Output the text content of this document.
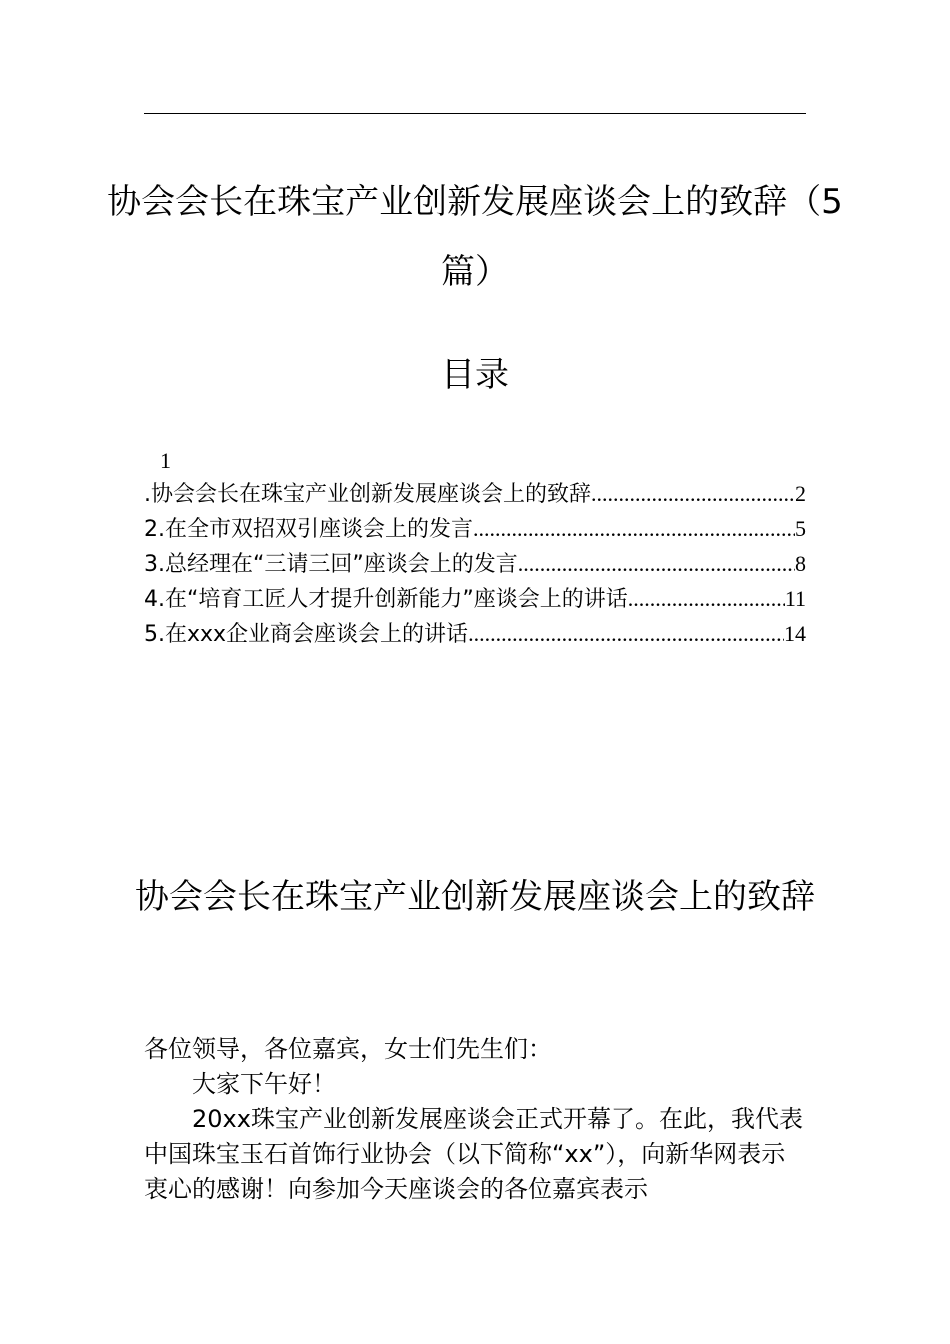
协会会长在珠宝产业创新发展座谈会上的致辞（5篇）
目录
1
.协会会长在珠宝产业创新发展座谈会上的致辞 .....	2
2.在全市双招双引座谈会上的发言 .....	5
3.总经理在“三请三回”座谈会上的发言 .....	8
4.在“培育工匠人才提升创新能力”座谈会上的讲话 .....	11
5.在xxx企业商会座谈会上的讲话 .....	14
协会会长在珠宝产业创新发展座谈会上的致辞

各位领导，各位嘉宾，女士们先生们：

大家下午好！

20xx珠宝产业创新发展座谈会正式开幕了。在此，我代表中国珠宝玉石首饰行业协会（以下简称“xx”），向新华网表示衷心的感谢！向参加今天座谈会的各位嘉宾表示
